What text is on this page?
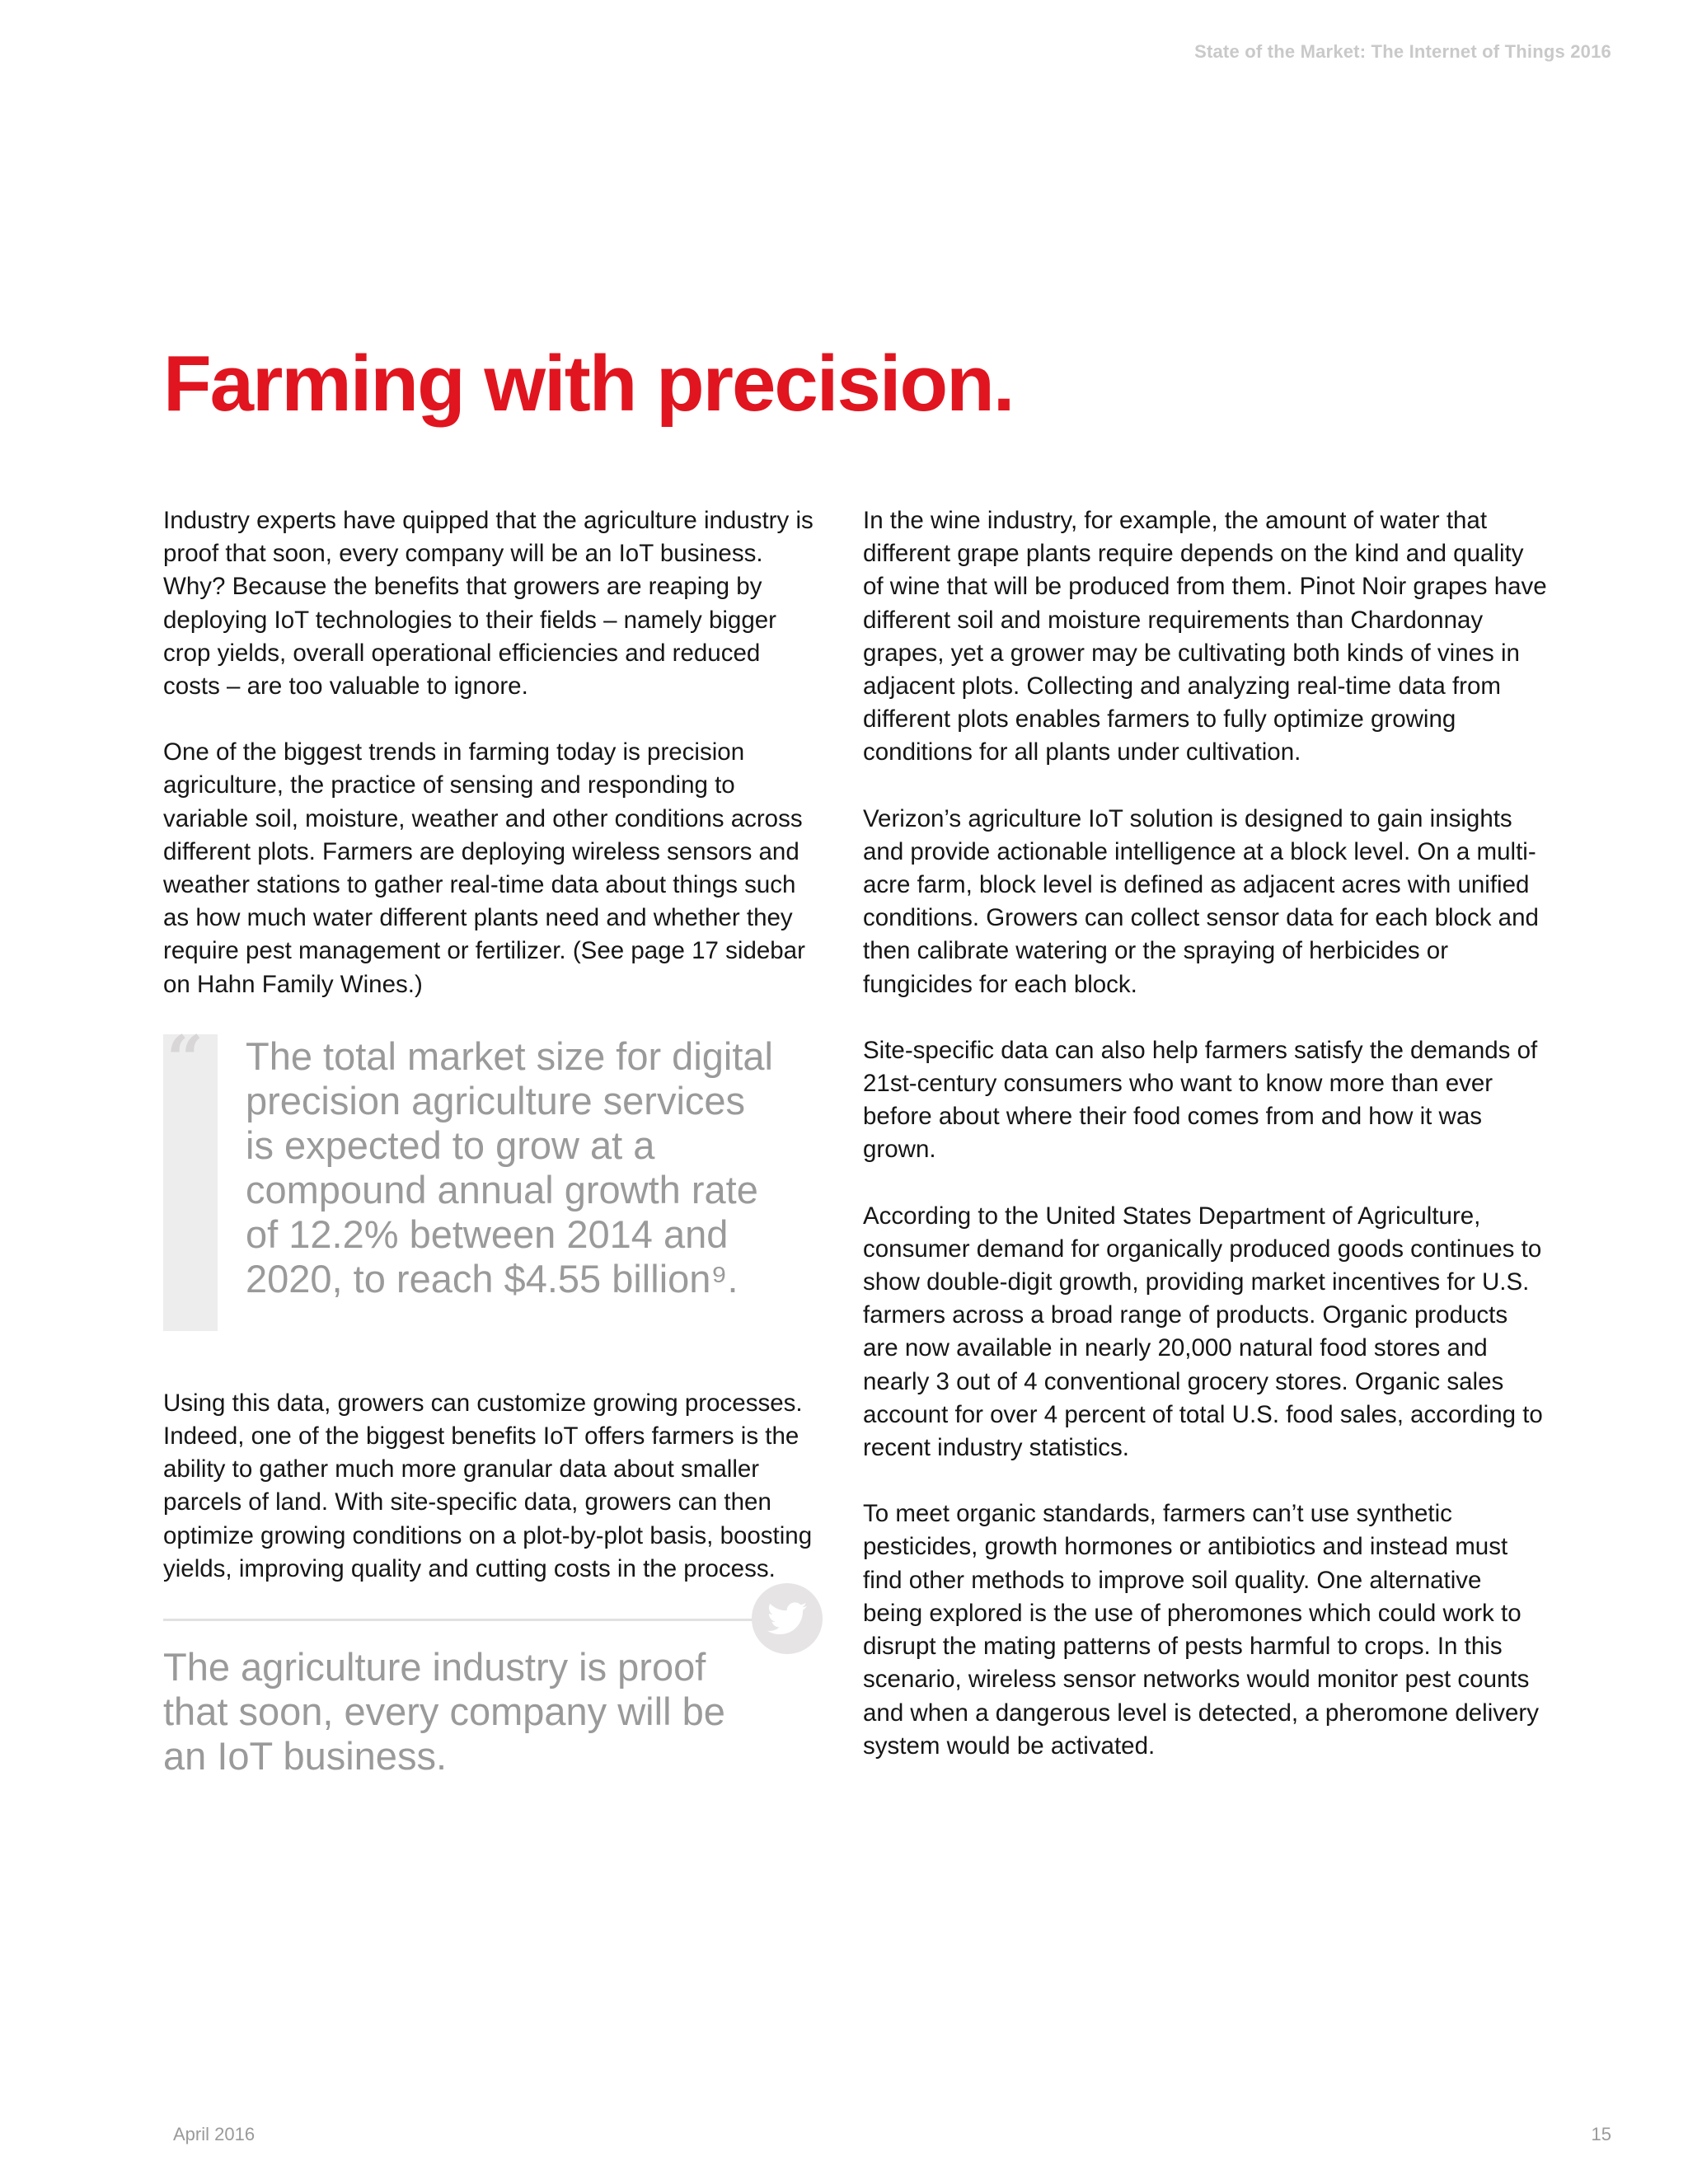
State of the Market: The Internet of Things 2016
Farming with precision.

Industry experts have quipped that the agriculture industry is proof that soon, every company will be an IoT business. Why? Because the benefits that growers are reaping by deploying IoT technologies to their fields – namely bigger crop yields, overall operational efficiencies and reduced costs – are too valuable to ignore.

One of the biggest trends in farming today is precision agriculture, the practice of sensing and responding to variable soil, moisture, weather and other conditions across different plots. Farmers are deploying wireless sensors and weather stations to gather real-time data about things such as how much water different plants need and whether they require pest management or fertilizer. (See page 17 sidebar on Hahn Family Wines.)

“ The total market size for digital precision agriculture services is expected to grow at a compound annual growth rate of 12.2% between 2014 and 2020, to reach $4.55 billion⁹.

Using this data, growers can customize growing processes. Indeed, one of the biggest benefits IoT offers farmers is the ability to gather much more granular data about smaller parcels of land. With site-specific data, growers can then optimize growing conditions on a plot-by-plot basis, boosting yields, improving quality and cutting costs in the process.

The agriculture industry is proof that soon, every company will be an IoT business.

In the wine industry, for example, the amount of water that different grape plants require depends on the kind and quality of wine that will be produced from them. Pinot Noir grapes have different soil and moisture requirements than Chardonnay grapes, yet a grower may be cultivating both kinds of vines in adjacent plots. Collecting and analyzing real-time data from different plots enables farmers to fully optimize growing conditions for all plants under cultivation.

Verizon’s agriculture IoT solution is designed to gain insights and provide actionable intelligence at a block level. On a multi-acre farm, block level is defined as adjacent acres with unified conditions. Growers can collect sensor data for each block and then calibrate watering or the spraying of herbicides or fungicides for each block.

Site-specific data can also help farmers satisfy the demands of 21st-century consumers who want to know more than ever before about where their food comes from and how it was grown.

According to the United States Department of Agriculture, consumer demand for organically produced goods continues to show double-digit growth, providing market incentives for U.S. farmers across a broad range of products. Organic products are now available in nearly 20,000 natural food stores and nearly 3 out of 4 conventional grocery stores. Organic sales account for over 4 percent of total U.S. food sales, according to recent industry statistics.

To meet organic standards, farmers can’t use synthetic pesticides, growth hormones or antibiotics and instead must find other methods to improve soil quality. One alternative being explored is the use of pheromones which could work to disrupt the mating patterns of pests harmful to crops. In this scenario, wireless sensor networks would monitor pest counts and when a dangerous level is detected, a pheromone delivery system would be activated.

April 2016	15
